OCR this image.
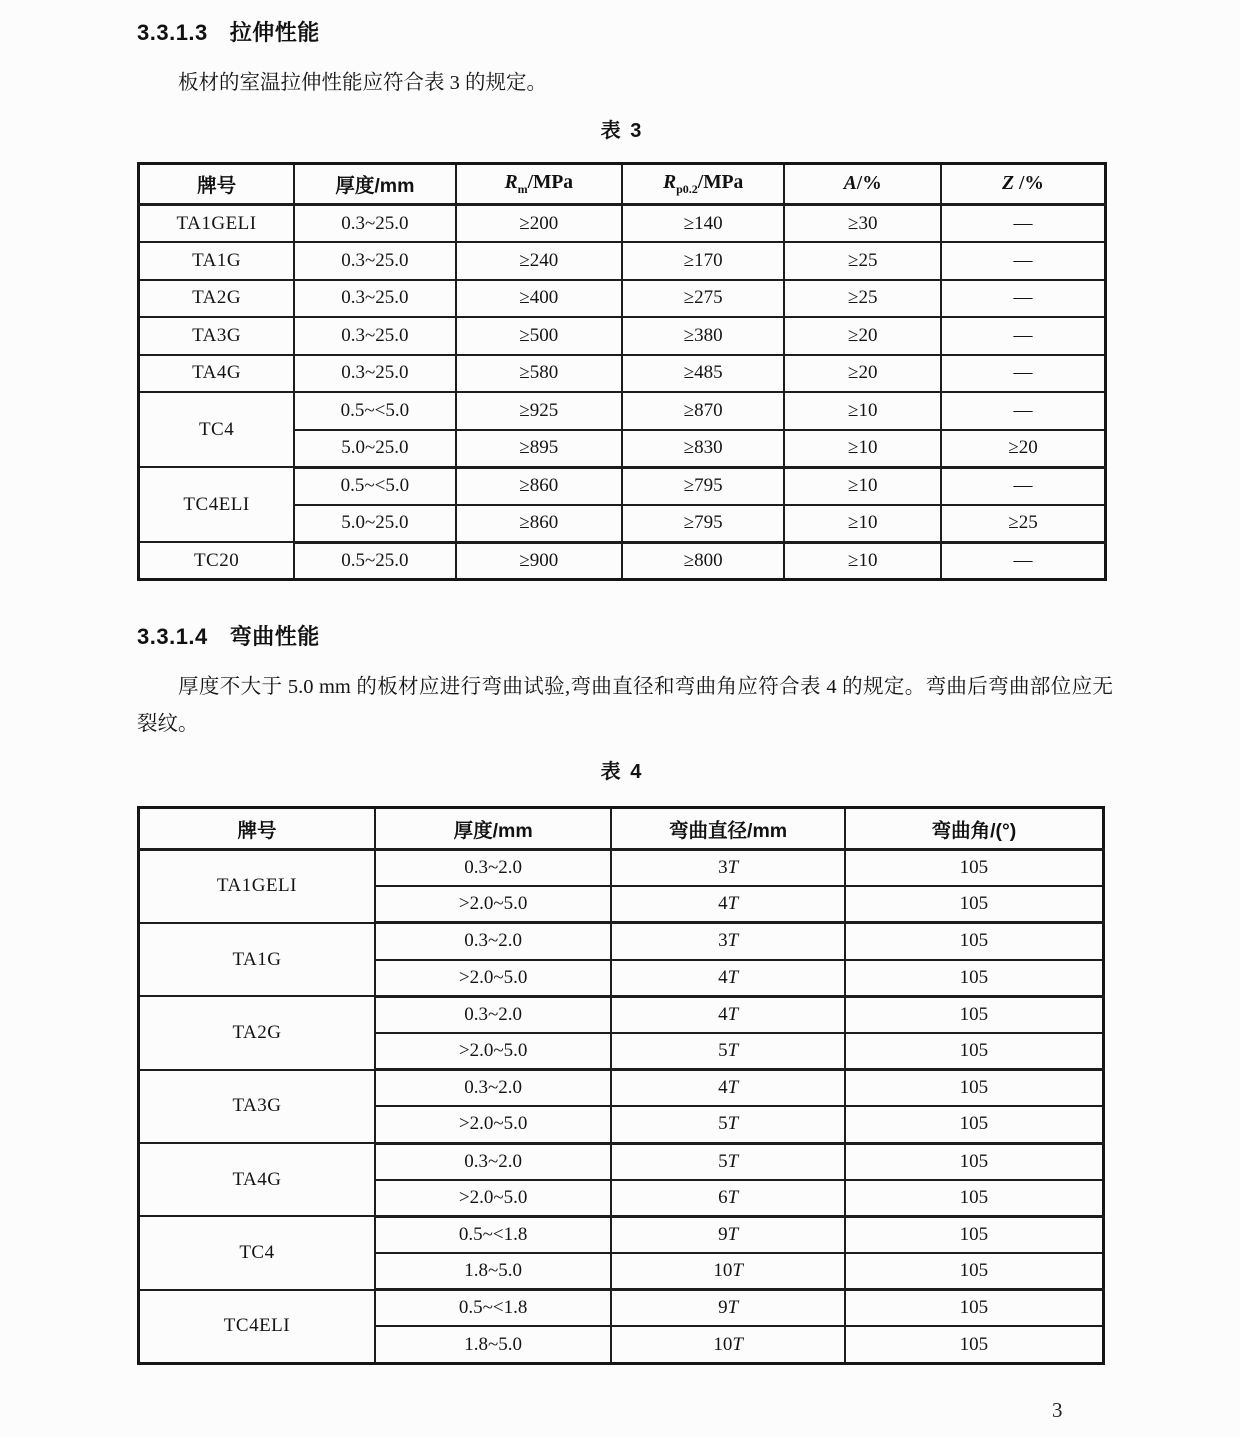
3.3.1.3 拉伸性能

板材的室温拉伸性能应符合表 3 的规定。

表 3
牌号	厚度/mm	$R_m$/MPa	$R_{p0.2}$/MPa	A/%	Z /%
TA1GELI	0.3~25.0	≥200	≥140	≥30	—
TA1G	0.3~25.0	≥240	≥170	≥25	—
TA2G	0.3~25.0	≥400	≥275	≥25	—
TA3G	0.3~25.0	≥500	≥380	≥20	—
TA4G	0.3~25.0	≥580	≥485	≥20	—
TC4	0.5~<5.0	≥925	≥870	≥10	—
	5.0~25.0	≥895	≥830	≥10	≥20
TC4ELI	0.5~<5.0	≥860	≥795	≥10	—
	5.0~25.0	≥860	≥795	≥10	≥25
TC20	0.5~25.0	≥900	≥800	≥10	—
3.3.1.4 弯曲性能

厚度不大于 5.0 mm 的板材应进行弯曲试验,弯曲直径和弯曲角应符合表 4 的规定。弯曲后弯曲部位应无裂纹。

表 4
牌号	厚度/mm	弯曲直径/mm	弯曲角/(°)
TA1GELI	0.3~2.0	3T	105
	>2.0~5.0	4T	105
TA1G	0.3~2.0	3T	105
	>2.0~5.0	4T	105
TA2G	0.3~2.0	4T	105
	>2.0~5.0	5T	105
TA3G	0.3~2.0	4T	105
	>2.0~5.0	5T	105
TA4G	0.3~2.0	5T	105
	>2.0~5.0	6T	105
TC4	0.5~<1.8	9T	105
	1.8~5.0	10T	105
TC4ELI	0.5~<1.8	9T	105
	1.8~5.0	10T	105
3
